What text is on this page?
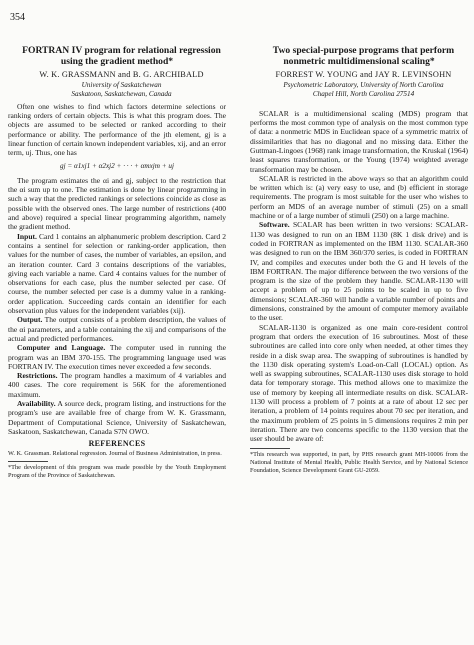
354

FORTRAN IV program for relational regression using the gradient method*

W. K. GRASSMANN and B. G. ARCHIBALD

University of Saskatchewan

Saskatoon, Saskatchewan, Canada

Often one wishes to find which factors determine selections or ranking orders of certain objects. This is what this program does. The objects are assumed to be selected or ranked according to their performance or ability. The performance of the jth element, gj is a linear function of certain known independent variables, xij, and an error term, uj. Thus, one has

gj = α1xj1 + α2xj2 + · · · + αmxjm + uj

The program estimates the αi and gj, subject to the restriction that the αi sum up to one. The estimation is done by linear programming in such a way that the predicted rankings or selections coincide as close as possible with the observed ones. The large number of restrictions (400 and above) required a special linear programming algorithm, namely the gradient method.

Input. Card 1 contains an alphanumeric problem description. Card 2 contains a sentinel for selection or ranking-order application, then values for the number of cases, the number of variables, an epsilon, and an iteration counter. Card 3 contains descriptions of the variables, giving each variable a name. Card 4 contains values for the number of observations for each case, plus the number selected per case. Of course, the number selected per case is a dummy value in a ranking-order application. Succeeding cards contain an identifier for each observation plus values for the independent variables (xij).

Output. The output consists of a problem description, the values of the αi parameters, and a table containing the xij and comparisons of the actual and predicted performances.

Computer and Language. The computer used in running the program was an IBM 370-155. The programming language used was FORTRAN IV. The execution times never exceeded a few seconds.

Restrictions. The program handles a maximum of 4 variables and 400 cases. The core requirement is 56K for the aforementioned maximum.

Availability. A source deck, program listing, and instructions for the program's use are available free of charge from W. K. Grassmann, Department of Computational Science, University of Saskatchewan, Saskatoon, Saskatchewan, Canada S7N OWO.

REFERENCES

W. K. Grassman. Relational regression. Journal of Business Administration, in press.

*The development of this program was made possible by the Youth Employment Program of the Province of Saskatchewan.

Two special-purpose programs that perform nonmetric multidimensional scaling*

FORREST W. YOUNG and JAY R. LEVINSOHN

Psychometric Laboratory, University of North Carolina

Chapel Hill, North Carolina 27514

SCALAR is a multidimensional scaling (MDS) program that performs the most common type of analysis on the most common type of data: a nonmetric MDS in Euclidean space of a symmetric matrix of dissimilarities that has no diagonal and no missing data. Either the Guttman-Lingoes (1968) rank image transformation, the Kruskal (1964) least squares transformation, or the Young (1974) weighted average transformation may be chosen.

SCALAR is restricted in the above ways so that an algorithm could be written which is: (a) very easy to use, and (b) efficient in storage requirements. The program is most suitable for the user who wishes to perform an MDS of an average number of stimuli (25) on a small machine or of a large number of stimuli (250) on a large machine.

Software. SCALAR has been written in two versions: SCALAR-1130 was designed to run on an IBM 1130 (8K 1 disk drive) and is coded in FORTRAN as implemented on the IBM 1130. SCALAR-360 was designed to run on the IBM 360/370 series, is coded in FORTRAN IV, and compiles and executes under both the G and H levels of the IBM FORTRAN. The major difference between the two versions of the program is the size of the problem they handle. SCALAR-1130 will accept a problem of up to 25 points to be scaled in up to five dimensions; SCALAR-360 will handle a variable number of points and dimensions, constrained by the amount of computer memory available to the user.

SCALAR-1130 is organized as one main core-resident control program that orders the execution of 16 subroutines. Most of these subroutines are called into core only when needed, at other times they reside in a disk swap area. The swapping of subroutines is handled by the 1130 disk operating system's Load-on-Call (LOCAL) option. As well as swapping subroutines, SCALAR-1130 uses disk storage to hold data for temporary storage. This method allows one to maximize the use of memory by keeping all intermediate results on disk. SCALAR-1130 will process a problem of 7 points at a rate of about 12 sec per iteration, a problem of 14 points requires about 70 sec per iteration, and the maximum problem of 25 points in 5 dimensions requires 2 min per iteration. There are two concerns specific to the 1130 version that the user should be aware of:

*This research was supported, in part, by PHS research grant MH-10006 from the National Institute of Mental Health, Public Health Service, and by National Science Foundation, Science Development Grant GU-2059.
